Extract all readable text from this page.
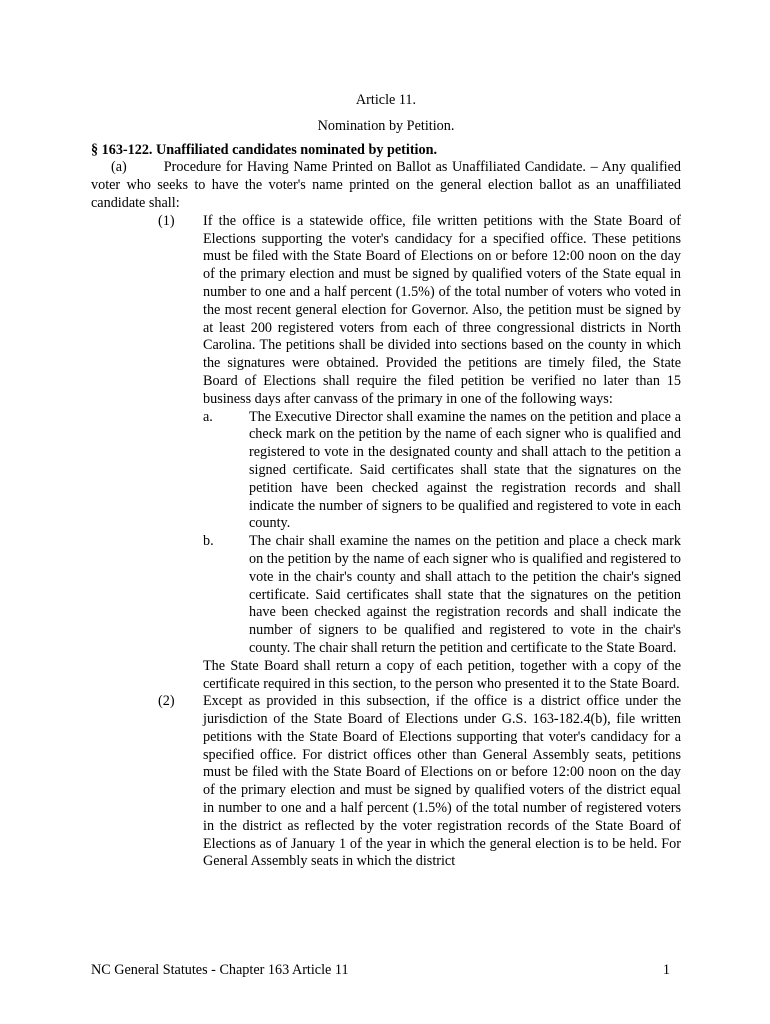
Article 11.
Nomination by Petition.
§ 163-122. Unaffiliated candidates nominated by petition.
(a)	Procedure for Having Name Printed on Ballot as Unaffiliated Candidate. – Any qualified voter who seeks to have the voter's name printed on the general election ballot as an unaffiliated candidate shall:
(1) If the office is a statewide office, file written petitions with the State Board of Elections supporting the voter's candidacy for a specified office. These petitions must be filed with the State Board of Elections on or before 12:00 noon on the day of the primary election and must be signed by qualified voters of the State equal in number to one and a half percent (1.5%) of the total number of voters who voted in the most recent general election for Governor. Also, the petition must be signed by at least 200 registered voters from each of three congressional districts in North Carolina. The petitions shall be divided into sections based on the county in which the signatures were obtained. Provided the petitions are timely filed, the State Board of Elections shall require the filed petition be verified no later than 15 business days after canvass of the primary in one of the following ways:
a.	The Executive Director shall examine the names on the petition and place a check mark on the petition by the name of each signer who is qualified and registered to vote in the designated county and shall attach to the petition a signed certificate. Said certificates shall state that the signatures on the petition have been checked against the registration records and shall indicate the number of signers to be qualified and registered to vote in each county.
b. The chair shall examine the names on the petition and place a check mark on the petition by the name of each signer who is qualified and registered to vote in the chair's county and shall attach to the petition the chair's signed certificate. Said certificates shall state that the signatures on the petition have been checked against the registration records and shall indicate the number of signers to be qualified and registered to vote in the chair's county. The chair shall return the petition and certificate to the State Board.
The State Board shall return a copy of each petition, together with a copy of the certificate required in this section, to the person who presented it to the State Board.
(2) Except as provided in this subsection, if the office is a district office under the jurisdiction of the State Board of Elections under G.S. 163-182.4(b), file written petitions with the State Board of Elections supporting that voter's candidacy for a specified office. For district offices other than General Assembly seats, petitions must be filed with the State Board of Elections on or before 12:00 noon on the day of the primary election and must be signed by qualified voters of the district equal in number to one and a half percent (1.5%) of the total number of registered voters in the district as reflected by the voter registration records of the State Board of Elections as of January 1 of the year in which the general election is to be held. For General Assembly seats in which the district
NC General Statutes - Chapter 163 Article 11	1
